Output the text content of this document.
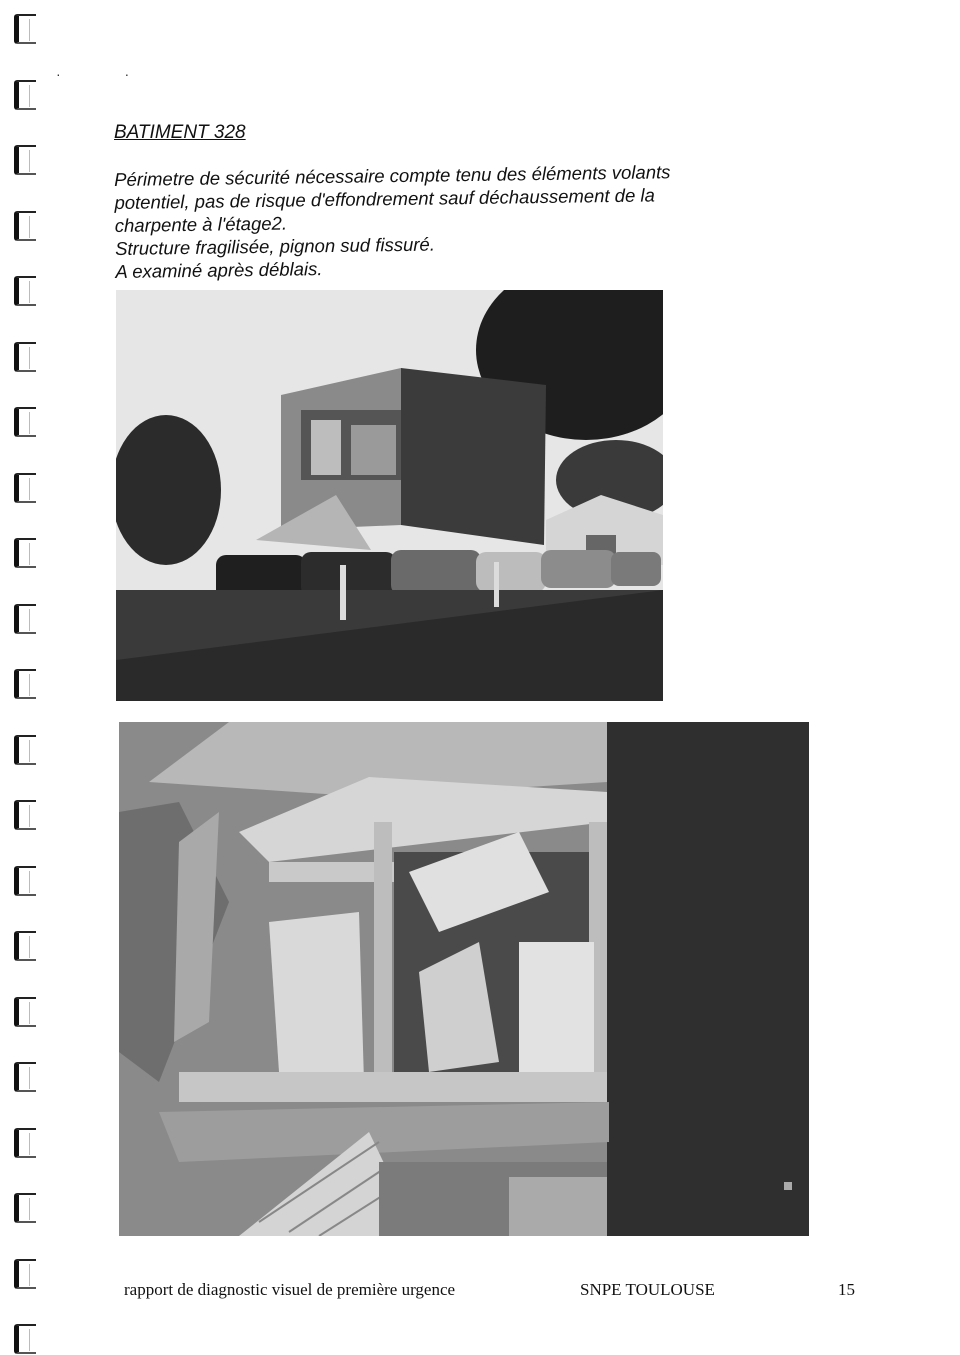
· ·
BATIMENT 328

Périmetre de sécurité nécessaire compte tenu des éléments volants

potentiel, pas de risque d'effondrement sauf déchaussement de la

charpente à l'étage2.

Structure fragilisée, pignon sud fissuré.

A examiné après déblais.

rapport de diagnostic visuel de première urgence	SNPE TOULOUSE	15
